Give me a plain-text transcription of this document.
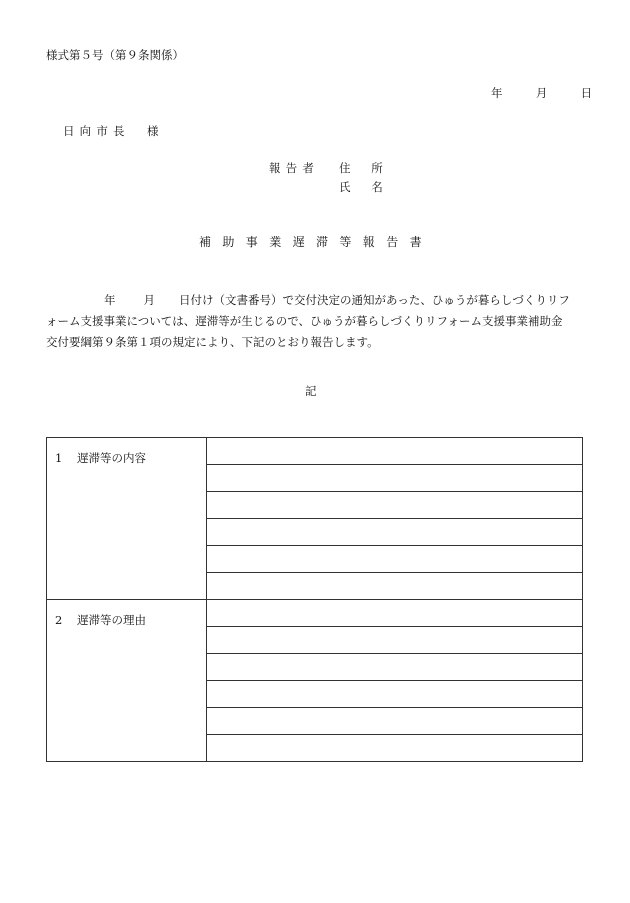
様式第５号（第９条関係）
年	月	日
日向市長 様
報告者 住所
氏名
補助事業遅滞等報告書
年 月 日付け（文書番号）で交付決定の通知があった、ひゅうが暮らしづくりリフ
ォーム支援事業については、遅滞等が生じるので、ひゅうが暮らしづくりリフォーム支援事業補助金
交付要綱第９条第１項の規定により、下記のとおり報告します。
記
1 遅滞等の内容	

2 遅滞等の理由	
